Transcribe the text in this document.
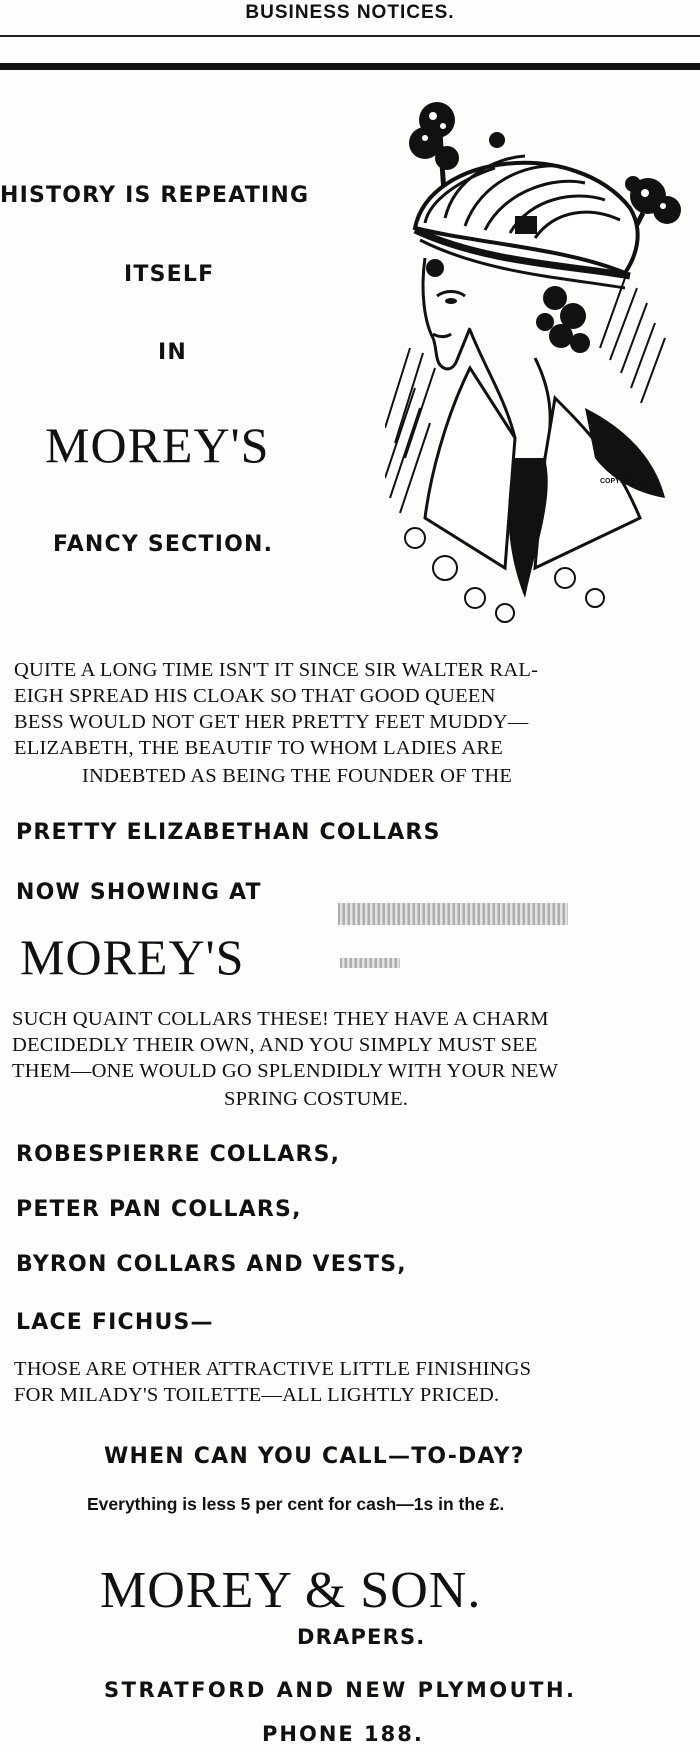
BUSINESS NOTICES.
HISTORY IS REPEATING
ITSELF
IN
MOREY'S
FANCY SECTION.
COPYRIGHTED
QUITE A LONG TIME ISN'T IT SINCE SIR WALTER RAL-
EIGH SPREAD HIS CLOAK SO THAT GOOD QUEEN
BESS WOULD NOT GET HER PRETTY FEET MUDDY—
ELIZABETH, THE BEAUTIF TO WHOM LADIES ARE
INDEBTED AS BEING THE FOUNDER OF THE
PRETTY ELIZABETHAN COLLARS
NOW SHOWING AT
MOREY'S
SUCH QUAINT COLLARS THESE! THEY HAVE A CHARM
DECIDEDLY THEIR OWN, AND YOU SIMPLY MUST SEE
THEM—ONE WOULD GO SPLENDIDLY WITH YOUR NEW
SPRING COSTUME.
ROBESPIERRE COLLARS,
PETER PAN COLLARS,
BYRON COLLARS AND VESTS,
LACE FICHUS—
THOSE ARE OTHER ATTRACTIVE LITTLE FINISHINGS
FOR MILADY'S TOILETTE—ALL LIGHTLY PRICED.
WHEN CAN YOU CALL—TO-DAY?
Everything is less 5 per cent for cash—1s in the £.
MOREY & SON.
DRAPERS.
STRATFORD AND NEW PLYMOUTH.
PHONE 188.
